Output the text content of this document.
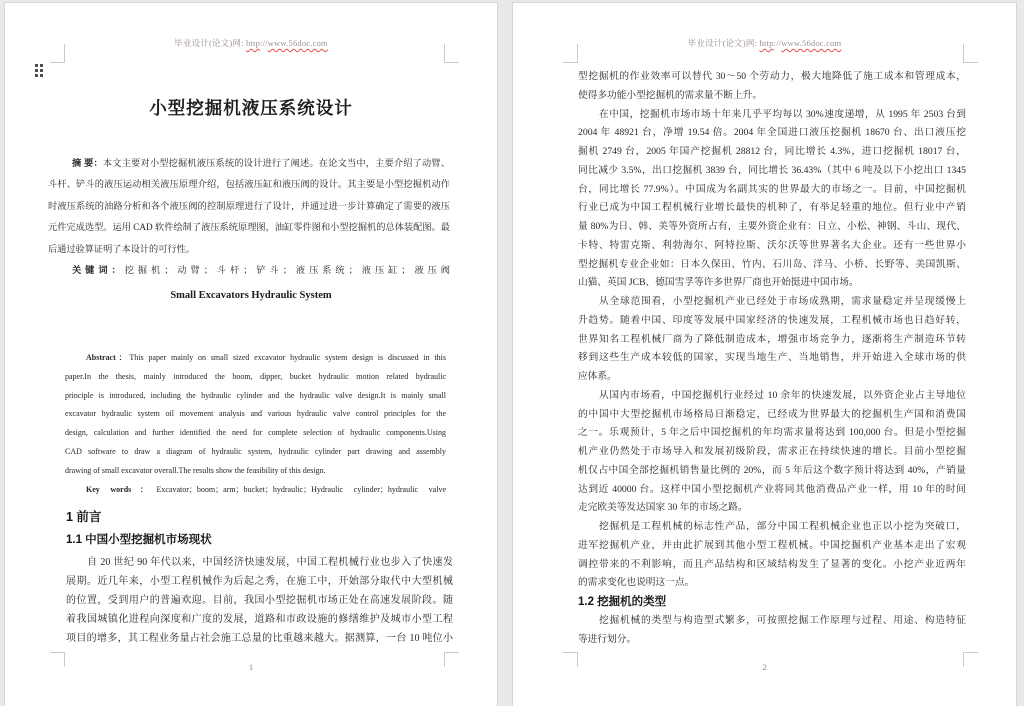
毕业设计(论文)网: http://www.56doc.com
小型挖掘机液压系统设计
摘 要：本文主要对小型挖掘机液压系统的设计进行了阐述。在论文当中，主要介绍了动臂、
斗杆、铲斗的液压运动相关液压原理介绍，包括液压缸和液压阀的设计。其主要是小型挖掘机动作
时液压系统的油路分析和各个液压阀的控制原理进行了设计，并通过进一步计算确定了需要的液压
元件完成选型。运用 CAD 软件绘制了液压系统原理图，油缸零件图和小型挖掘机的总体装配图。最
后通过验算证明了本设计的可行性。
关键词：挖掘机；动臂；斗杆；铲斗；液压系统；液压缸；液压阀
Small Excavators Hydraulic System
Abstract：This paper mainly on small sized excavator hydraulic system design is discussed in this
paper.In the thesis, mainly introduced the boom, dipper, bucket hydraulic motion related hydraulic
principle is introduced, including the hydraulic cylinder and the hydraulic valve design.It is mainly small
excavator hydraulic system oil movement analysis and various hydraulic valve control principles for the
design, calculation and further identified the need for complete selection of hydraulic components.Using
CAD software to draw a diagram of hydraulic system, hydraulic cylinder part drawing and assembly
drawing of small excavator overall.The results show the feasibility of this design.
Key words：Excavator；boom；arm；bucket；hydraulic；Hydraulic cylinder；hydraulic valve
1 前言
1.1 中国小型挖掘机市场现状
自 20 世纪 90 年代以来，中国经济快速发展，中国工程机械行业也步入了快速发
展期。近几年来，小型工程机械作为后起之秀，在施工中，开始部分取代中大型机械
的位置，受到用户的普遍欢迎。目前，我国小型挖掘机市场正处在高速发展阶段。随
着我国城镇化进程向深度和广度的发展，道路和市政设施的修缮维护及城市小型工程
项目的增多，其工程业务量占社会施工总量的比重越来越大。据测算，一台 10 吨位小
1
毕业设计(论文)网: http://www.56doc.com
型挖掘机的作业效率可以替代 30～50 个劳动力，极大地降低了施工成本和管理成本，
使得多功能小型挖掘机的需求量不断上升。
在中国，挖掘机市场市场十年来几乎平均每以 30%速度递增，从 1995 年 2503 台到
2004 年 48921 台，净增 19.54 倍。2004 年全国进口液压挖掘机 18670 台、出口液压挖
掘机 2749 台，2005 年国产挖掘机 28812 台，同比增长 4.3%，进口挖掘机 18017 台，
同比减少 3.5%，出口挖掘机 3839 台，同比增长 36.43%（其中 6 吨及以下小挖出口 1345
台，同比增长 77.9%）。中国成为名副其实的世界最大的市场之一。目前，中国挖掘机
行业已成为中国工程机械行业增长最快的机种了，有举足轻重的地位。但行业中产销
量 80%为日、韩、美等外资所占有，主要外资企业有：日立、小松、神钢、斗山、现代、
卡特、特雷克斯、利勃海尔、阿特拉斯、沃尔沃等世界著名大企业。还有一些世界小
型挖掘机专业企业如：日本久保田、竹内、石川岛、洋马、小桥、长野等、美国凯斯、
山猫、英国 JCB、德国雪孚等许多世界厂商也开始挺进中国市场。
从全球范围看，小型挖掘机产业已经处于市场成熟期，需求量稳定并呈现缓慢上
升趋势。随着中国、印度等发展中国家经济的快速发展，工程机械市场也日趋好转，
世界知名工程机械厂商为了降低制造成本，增强市场竞争力，逐渐将生产制造环节转
移到这些生产成本较低的国家，实现当地生产、当地销售，并开始进入全球市场的供
应体系。
从国内市场看，中国挖掘机行业经过 10 余年的快速发展，以外资企业占主导地位
的中国中大型挖掘机市场格局日渐稳定，已经成为世界最大的挖掘机生产国和消费国
之一。乐观预计，5 年之后中国挖掘机的年均需求量将达到 100,000 台。但是小型挖掘
机产业仍然处于市场导入和发展初级阶段，需求正在持续快速的增长。目前小型挖掘
机仅占中国全部挖掘机销售量比例的 20%，而 5 年后这个数字预计将达到 40%，产销量
达到近 40000 台。这样中国小型挖掘机产业将同其他消费品产业一样，用 10 年的时间
走完欧美等发达国家 30 年的市场之路。
挖掘机是工程机械的标志性产品，部分中国工程机械企业也正以小挖为突破口，
进军挖掘机产业，并由此扩展到其他小型工程机械。中国挖掘机产业基本走出了宏观
调控带来的不利影响，而且产品结构和区域结构发生了显著的变化。小挖产业近两年
的需求变化也说明这一点。
1.2 挖掘机的类型
挖掘机械的类型与构造型式繁多，可按照挖掘工作原理与过程、用途、构造特征
等进行划分。
2
